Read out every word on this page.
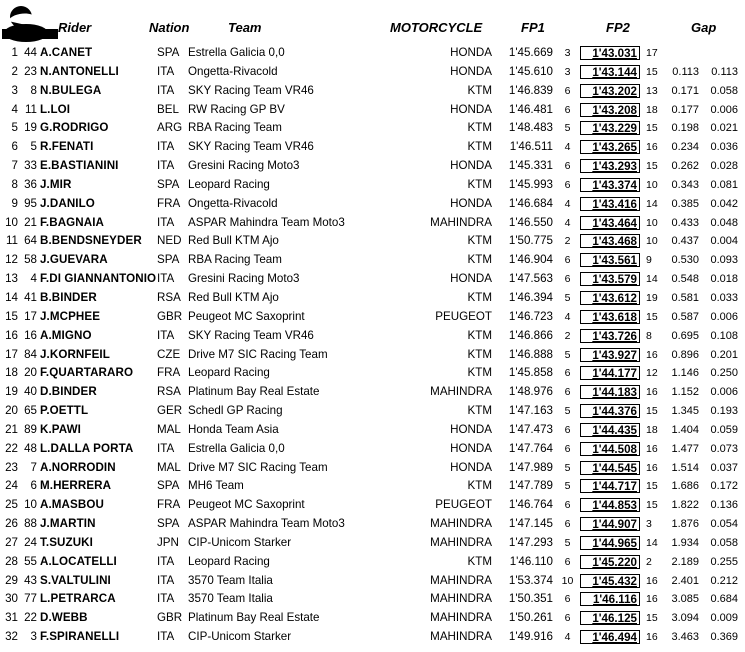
Rider	Nation	Team	MOTORCYCLE	FP1	FP2	Gap
1 44 A.CANET	SPA Estrella Galicia 0,0	HONDA	1'45.669	3	1'43.031 17
2 23 N.ANTONELLI	ITA Ongetta-Rivacold	HONDA	1'45.610	3	1'43.144 15	0.113	0.113
3	8 N.BULEGA	ITA SKY Racing Team VR46	KTM	1'46.839	6	1'43.202 13	0.171	0.058
4 11 L.LOI	BEL RW Racing GP BV	HONDA	1'46.481	6	1'43.208 18	0.177	0.006
5 19 G.RODRIGO	ARG RBA Racing Team	KTM	1'48.483	5	1'43.229 15	0.198	0.021
6	5 R.FENATI	ITA SKY Racing Team VR46	KTM	1'46.511	4	1'43.265 16	0.234	0.036
7 33 E.BASTIANINI	ITA Gresini Racing Moto3	HONDA	1'45.331	6	1'43.293 15	0.262	0.028
8 36 J.MIR	SPA Leopard Racing	KTM	1'45.993	6	1'43.374 10	0.343	0.081
9 95 J.DANILO	FRA Ongetta-Rivacold	HONDA	1'46.684	4	1'43.416 14	0.385	0.042
10 21 F.BAGNAIA	ITA ASPAR Mahindra Team Moto3	MAHINDRA	1'46.550	4	1'43.464 10	0.433	0.048
11 64 B.BENDSNEYDER NED Red Bull KTM Ajo	KTM	1'50.775	2	1'43.468 10	0.437	0.004
12 58 J.GUEVARA	SPA RBA Racing Team	KTM	1'46.904	6	1'43.561 9	0.530	0.093
13	4 F.DI GIANNANTONIO ITA Gresini Racing Moto3	HONDA	1'47.563	6	1'43.579 14	0.548	0.018
14 41 B.BINDER	RSA Red Bull KTM Ajo	KTM	1'46.394	5	1'43.612 19	0.581	0.033
15 17 J.MCPHEE	GBR Peugeot MC Saxoprint	PEUGEOT	1'46.723	4	1'43.618 15	0.587	0.006
16 16 A.MIGNO	ITA SKY Racing Team VR46	KTM	1'46.866	2	1'43.726 8	0.695	0.108
17 84 J.KORNFEIL	CZE Drive M7 SIC Racing Team	KTM	1'46.888	5	1'43.927 16	0.896	0.201
18 20 F.QUARTARARO FRA Leopard Racing	KTM	1'45.858	6	1'44.177 12	1.146	0.250
19 40 D.BINDER	RSA Platinum Bay Real Estate	MAHINDRA	1'48.976	6	1'44.183 16	1.152	0.006
20 65 P.OETTL	GER Schedl GP Racing	KTM	1'47.163	5	1'44.376 15	1.345	0.193
21 89 K.PAWI	MAL Honda Team Asia	HONDA	1'47.473	6	1'44.435 18	1.404	0.059
22 48 L.DALLA PORTA ITA Estrella Galicia 0,0	HONDA	1'47.764	6	1'44.508 16	1.477	0.073
23	7 A.NORRODIN	MAL Drive M7 SIC Racing Team	HONDA	1'47.989	5	1'44.545 16	1.514	0.037
24	6 M.HERRERA	SPA MH6 Team	KTM	1'47.789	5	1'44.717 15	1.686	0.172
25 10 A.MASBOU	FRA Peugeot MC Saxoprint	PEUGEOT	1'46.764	6	1'44.853 15	1.822	0.136
26 88 J.MARTIN	SPA ASPAR Mahindra Team Moto3	MAHINDRA	1'47.145	6	1'44.907 3	1.876	0.054
27 24 T.SUZUKI	JPN CIP-Unicom Starker	MAHINDRA	1'47.293	5	1'44.965 14	1.934	0.058
28 55 A.LOCATELLI	ITA Leopard Racing	KTM	1'46.110	6	1'45.220 2	2.189	0.255
29 43 S.VALTULINI	ITA 3570 Team Italia	MAHINDRA	1'53.374 10	1'45.432 16	2.401	0.212
30 77 L.PETRARCA	ITA 3570 Team Italia	MAHINDRA	1'50.351	6	1'46.116 16	3.085	0.684
31 22 D.WEBB	GBR Platinum Bay Real Estate	MAHINDRA	1'50.261	6	1'46.125 15	3.094	0.009
32	3 F.SPIRANELLI	ITA CIP-Unicom Starker	MAHINDRA	1'49.916	4	1'46.494 16	3.463	0.369
